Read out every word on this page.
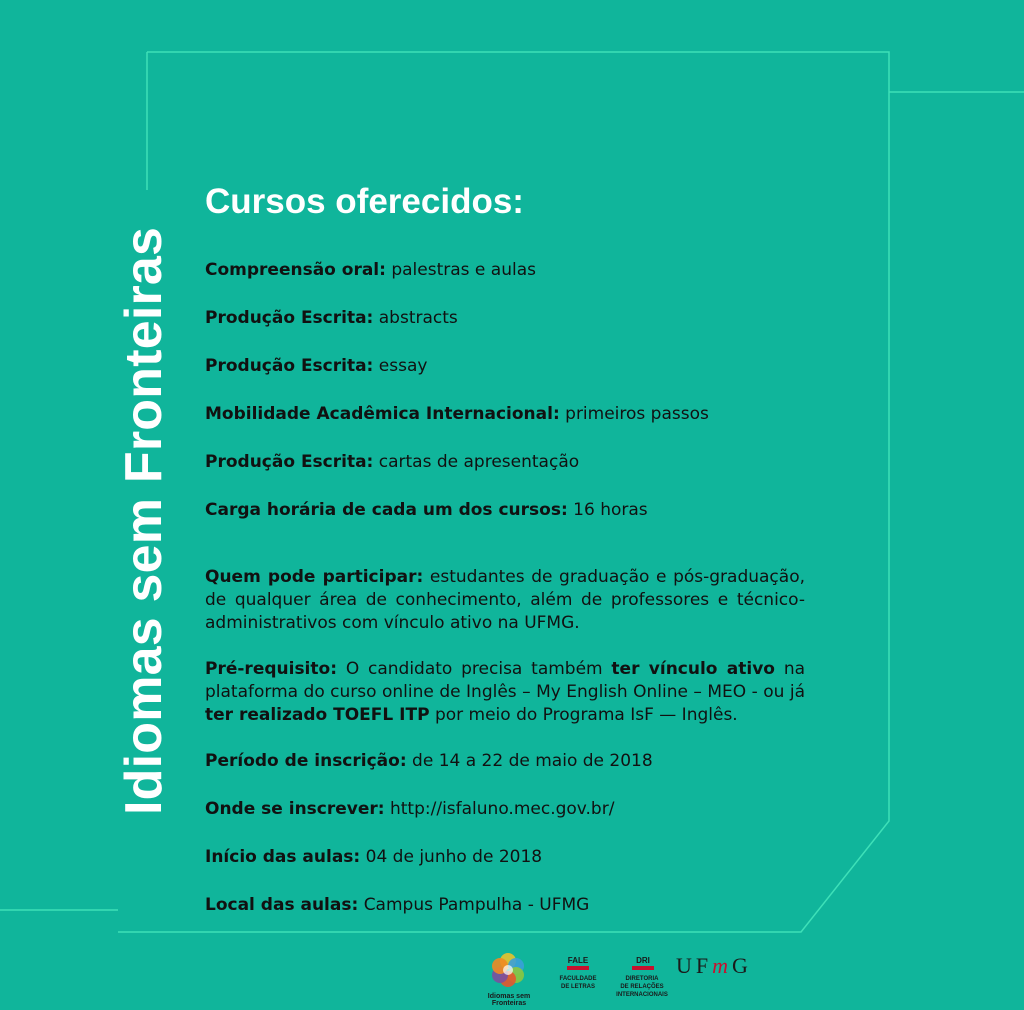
Idiomas sem Fronteiras
Cursos oferecidos:

Compreensão oral: palestras e aulas

Produção Escrita: abstracts

Produção Escrita: essay

Mobilidade Acadêmica Internacional: primeiros passos

Produção Escrita: cartas de apresentação

Carga horária de cada um dos cursos: 16 horas

Quem pode participar: estudantes de graduação e pós-graduação, de qualquer área de conhecimento, além de professores e técnico-administrativos com vínculo ativo na UFMG.

Pré-requisito: O candidato precisa também ter vínculo ativo na plataforma do curso online de Inglês – My English Online – MEO - ou já ter realizado TOEFL ITP por meio do Programa IsF — Inglês.

Período de inscrição: de 14 a 22 de maio de 2018

Onde se inscrever: http://isfaluno.mec.gov.br/

Início das aulas: 04 de junho de 2018

Local das aulas: Campus Pampulha - UFMG

Idiomas sem Fronteiras
FALE
FACULDADE
DE LETRAS
DRI
DIRETORIA
DE RELAÇÕES
INTERNACIONAIS
UFmG
